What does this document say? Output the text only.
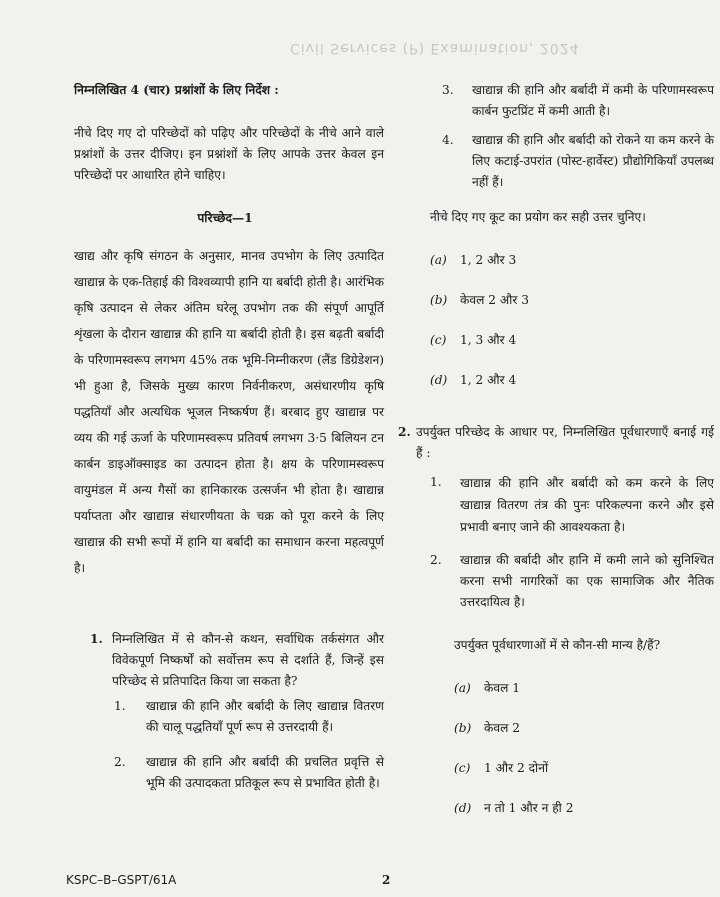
Civil Services (P) Examination, 2024

निम्नलिखित 4 (चार) प्रश्नांशों के लिए निर्देश :

नीचे दिए गए दो परिच्छेदों को पढ़िए और परिच्छेदों के नीचे आने वाले प्रश्नांशों के उत्तर दीजिए। इन प्रश्नांशों के लिए आपके उत्तर केवल इन परिच्छेदों पर आधारित होने चाहिए।

परिच्छेद—1

खाद्य और कृषि संगठन के अनुसार, मानव उपभोग के लिए उत्पादित खाद्यान्न के एक-तिहाई की विश्वव्यापी हानि या बर्बादी होती है। आरंभिक कृषि उत्पादन से लेकर अंतिम घरेलू उपभोग तक की संपूर्ण आपूर्ति शृंखला के दौरान खाद्यान्न की हानि या बर्बादी होती है। इस बढ़ती बर्बादी के परिणामस्वरूप लगभग 45% तक भूमि-निम्नीकरण (लैंड डिग्रेडेशन) भी हुआ है, जिसके मुख्य कारण निर्वनीकरण, असंधारणीय कृषि पद्धतियाँ और अत्यधिक भूजल निष्कर्षण हैं। बरबाद हुए खाद्यान्न पर व्यय की गई ऊर्जा के परिणामस्वरूप प्रतिवर्ष लगभग 3·5 बिलियन टन कार्बन डाइऑक्साइड का उत्पादन होता है। क्षय के परिणामस्वरूप वायुमंडल में अन्य गैसों का हानिकारक उत्सर्जन भी होता है। खाद्यान्न पर्याप्तता और खाद्यान्न संधारणीयता के चक्र को पूरा करने के लिए खाद्यान्न की सभी रूपों में हानि या बर्बादी का समाधान करना महत्वपूर्ण है।

1. निम्नलिखित में से कौन-से कथन, सर्वाधिक तर्कसंगत और विवेकपूर्ण निष्कर्षों को सर्वोत्तम रूप से दर्शाते हैं, जिन्हें इस परिच्छेद से प्रतिपादित किया जा सकता है?
1.	खाद्यान्न की हानि और बर्बादी के लिए खाद्यान्न वितरण की चालू पद्धतियाँ पूर्ण रूप से उत्तरदायी हैं।
2.	खाद्यान्न की हानि और बर्बादी की प्रचलित प्रवृत्ति से भूमि की उत्पादकता प्रतिकूल रूप से प्रभावित होती है।
3.	खाद्यान्न की हानि और बर्बादी में कमी के परिणामस्वरूप कार्बन फुटप्रिंट में कमी आती है।
4.	खाद्यान्न की हानि और बर्बादी को रोकने या कम करने के लिए कटाई-उपरांत (पोस्ट-हार्वेस्ट) प्रौद्योगिकियाँ उपलब्ध नहीं हैं।

नीचे दिए गए कूट का प्रयोग कर सही उत्तर चुनिए।

(a)	1, 2 और 3
(b)	केवल 2 और 3
(c)	1, 3 और 4
(d)	1, 2 और 4
2. उपर्युक्त परिच्छेद के आधार पर, निम्नलिखित पूर्वधारणाएँ बनाई गई हैं :
1.	खाद्यान्न की हानि और बर्बादी को कम करने के लिए खाद्यान्न वितरण तंत्र की पुनः परिकल्पना करने और इसे प्रभावी बनाए जाने की आवश्यकता है।
2.	खाद्यान्न की बर्बादी और हानि में कमी लाने को सुनिश्चित करना सभी नागरिकों का एक सामाजिक और नैतिक उत्तरदायित्व है।

उपर्युक्त पूर्वधारणाओं में से कौन-सी मान्य है/हैं?

(a)	केवल 1
(b)	केवल 2
(c)	1 और 2 दोनों
(d)	न तो 1 और न ही 2
KSPC–B–GSPT/61A	2
